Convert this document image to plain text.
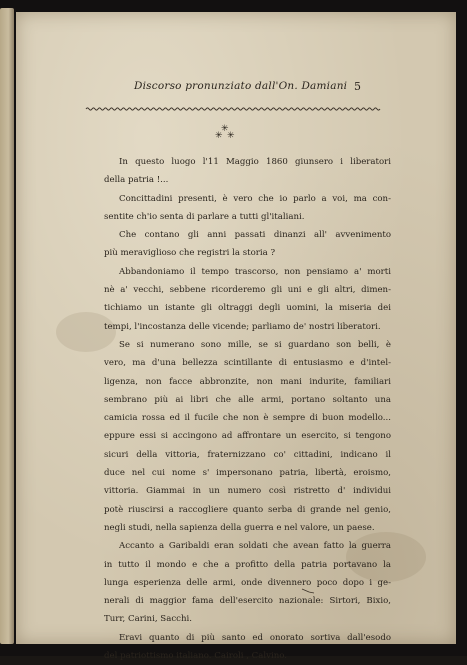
Discorso pronunziato dall'On. Damiani 5
✳ ✳
✳
In questo luogo l'11 Maggio 1860 giunsero i liberatori
della patria !...
Concittadini presenti, è vero che io parlo a voi, ma con-
sentite ch'io senta di parlare a tutti gl'italiani.
Che contano gli anni passati dinanzi all' avvenimento
più meraviglioso che registri la storia ?
Abbandoniamo il tempo trascorso, non pensiamo a' morti
nè a' vecchi, sebbene ricorderemo gli uni e gli altri, dimen-
tichiamo un istante gli oltraggi degli uomini, la miseria dei
tempi, l'incostanza delle vicende; parliamo de' nostri liberatori.
Se si numerano sono mille, se si guardano son belli, è
vero, ma d'una bellezza scintillante di entusiasmo e d'intel-
ligenza, non facce abbronzite, non mani indurite, familiari
sembrano più ai libri che alle armi, portano soltanto una
camicia rossa ed il fucile che non è sempre di buon modello...
eppure essi si accingono ad affrontare un esercito, si tengono
sicuri della vittoria, fraternizzano co' cittadini, indicano il
duce nel cui nome s' impersonano patria, libertà, eroismo,
vittoria. Giammai in un numero così ristretto d' individui
potè riuscirsi a raccogliere quanto serba di grande nel genio,
negli studi, nella sapienza della guerra e nel valore, un paese.
Accanto a Garibaldi eran soldati che avean fatto la guerra
in tutto il mondo e che a profitto della patria portavano la
lunga esperienza delle armi, onde divennero poco dopo i ge-
nerali di maggior fama dell'esercito nazionale: Sirtori, Bixio,
Turr, Carini, Sacchi.
Eravi quanto di più santo ed onorato sortiva dall'esodo
del patriottismo italiano. Cairoli , Calvino.
